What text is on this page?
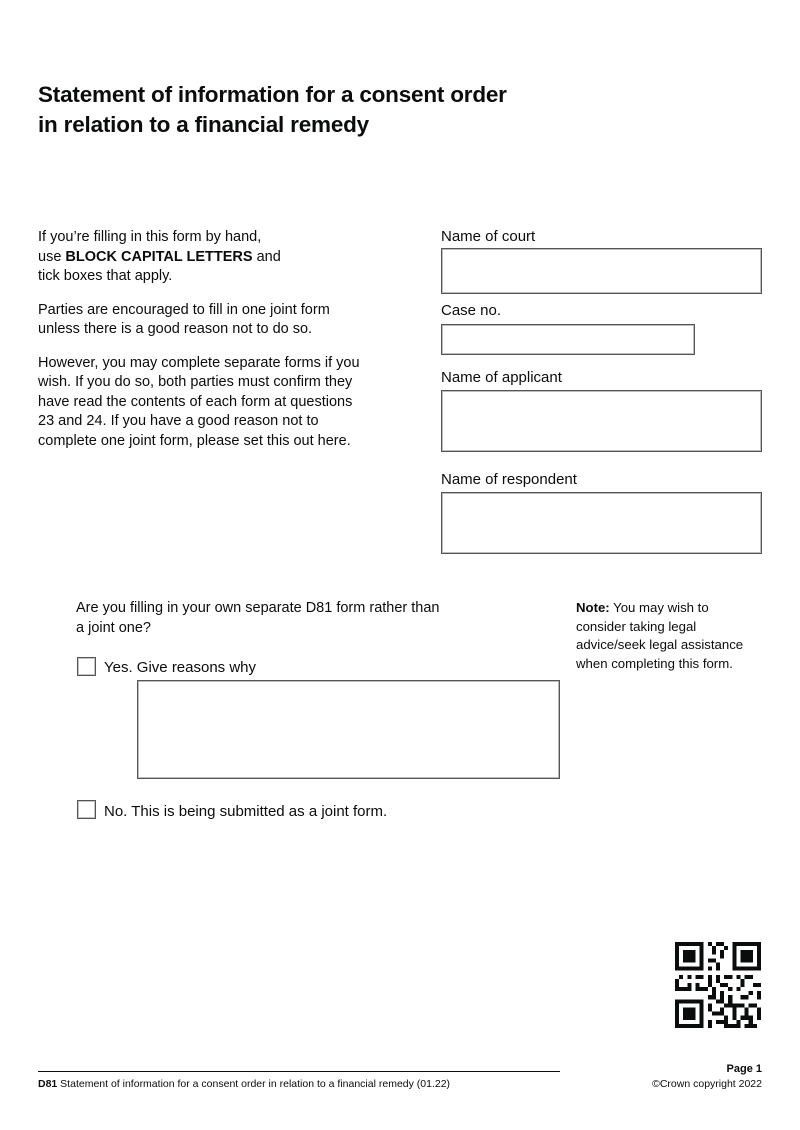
Statement of information for a consent order
in relation to a financial remedy

If you’re filling in this form by hand,
use BLOCK CAPITAL LETTERS and
tick boxes that apply.

Parties are encouraged to fill in one joint form
unless there is a good reason not to do so.

However, you may complete separate forms if you
wish. If you do so, both parties must confirm they
have read the contents of each form at questions
23 and 24. If you have a good reason not to
complete one joint form, please set this out here.

Name of court
Case no.
Name of applicant
Name of respondent
Are you filling in your own separate D81 form rather than
a joint one?
Note: You may wish to
consider taking legal
advice/seek legal assistance
when completing this form.
Yes. Give reasons why
No. This is being submitted as a joint form.
D81 Statement of information for a consent order in relation to a financial remedy (01.22)
Page 1
©Crown copyright 2022
